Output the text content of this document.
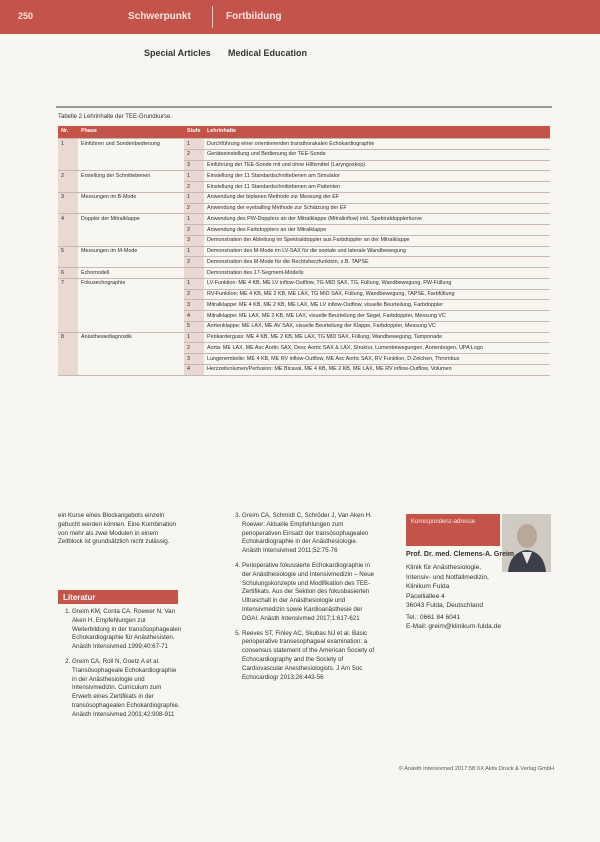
250	Schwerpunkt	Fortbildung
Special Articles Medical Education
Tabelle 2 Lehrinhalte der TEE-Grundkurse.
Nr.	Phase	Stufe	Lehrinhalte
1	Einführen und Sondenbedienung	1	Durchführung einer orientierenden transthorakalen Echokardiographie
		2	Geräteeinstellung und Bedienung der TEE-Sonde
		3	Einführung der TEE-Sonde mit und ohne Hilfsmittel (Laryngoskop)
2	Erstellung der Schnittebenen	1	Einstellung der 11 Standardschnittebenen am Simulator
		2	Einstellung der 11 Standardschnittebenen am Patienten
3	Messungen im B-Mode	1	Anwendung der biplanen Methode zur Messung der EF
		2	Anwendung der eyeballing Methode zur Schätzung der EF
4	Doppler der Mitralklappe	1	Anwendung des PW-Dopplers an der Mitralklappe (Mitralinflow) inkl. Spektraldopplerkurve
		2	Anwendung des Farbdopplers an der Mitralklappe
		3	Demonstration der Ableitung im Spektraldoppler aus Farbdoppler an der Mitralklappe
5	Messungen im M-Mode	1	Demonstration des M-Mode im LV-SAX für die septale und laterale Wandbewegung
		2	Demonstration des M-Mode für die Rechtsherzfunktion, z.B. TAPSE
6	Echomodell		Demonstration des 17-Segment-Modells
7	Fokusechographie	1	LV-Funktion: ME 4 KB, ME LV inflow-Outflow, TG MID SAX, TG, Füllung, Wandbewegung, PW-Füllung
		2	RV-Funktion: ME 4 KB, ME 2 KB, ME LAX, TG MID SAX, Füllung, Wandbewegung, TAPSE, Farbfüllung
		3	Mitralklappe: ME 4 KB, ME 2 KB, ME LAX, ME LV inflow-Outflow, visuelle Beurteilung, Farbdoppler
		4	Mitralklappe: ME LAX, ME 2 KB, ME LAX, visuelle Beurteilung der Segel, Farbdoppler, Messung VC
		5	Aortenklappe: ME LAX, ME AV SAX, visuelle Beurteilung der Klappe, Farbdoppler, Messung VC
8	Anästhesiediagnostik	1	Perikarderguss: ME 4 KB, ME 2 KB, ME LAX, TG MID SAX, Füllung, Wandbewegung, Tamponade
		2	Aorta: ME LAX, ME Asc Aortic SAX, Desc Aortic SAX & LAX, Struktur, Lumenbewegungen, Aortenbogen, UPA Logo
		3	Lungenembolie: ME 4 KB, ME RV inflow-Outflow, ME Asc Aortic SAX, RV Funktion, D-Zeichen, Thrombus
		4	Herzzeitvolumen/Perfusion: ME Bicaval, ME 4 KB, ME 2 KB, ME LAX, ME RV inflow-Outflow, Volumen
ein Kurse eines Blockangebots einzeln gebucht werden können. Eine Kombination von mehr als zwei Modulen in einem Zeitblock ist grundsätzlich nicht zulässig.
Literatur
1. Greim KM, Conta CA, Roewer N, Van Aken H. Empfehlungen zur Weiterbildung in der transösophagealen Echokardiographie für Anästhesisten. Anästh Intensivmed 1999;40:67-71
2. Greim CA, Roll N, Goetz A et al. Transösophageale Echokardiographie in der Anästhesiologie und Intensivmedizin. Curriculum zum Erwerb eines Zertifikats in der transösophagealen Echokardiographie. Anästh Intensivmed 2001;42:908-911
3. Greim CA, Schmidt C, Schröder J, Van Aken H. Roewer: Aktuelle Empfehlungen zum perioperativen Einsatz der transösophagealen Echokardiographie in der Anästhesiologie. Anästh Intensivmed 2011;52:75-76
4. Perioperative fokussierte Echokardiographie in der Anästhesiologie und Intensivmedizin – Neue Schulungskonzepte und Modifikation des TEE-Zertifikats. Aus der Sektion des fokusbasierten Ultraschall in der Anästhesiologie und Intensivmedizin sowie Kardioanästhesie der DGAI. Anästh Intensivmed 2017;1:617-621
5. Reeves ST, Finley AC, Skubas NJ et al. Basic perioperative transesophageal examination: a consensus statement of the American Society of Echocardiography and the Society of Cardiovascular Anesthesiologists. J Am Soc Echocardiogr 2013;26:443-56
Korrespondenz-adresse
Prof. Dr. med. Clemens-A. Greim
Klinik für Anästhesiologie,
Intensiv- und Notfallmedizin,
Klinikum Fulda
Pacelliallee 4
36043 Fulda, Deutschland
Tel.: 0661 84 6041
E-Mail: greim@klinikum-fulda.de
© Anästh Intensivmed 2017;58:XX Aktiv Druck & Verlag GmbH
